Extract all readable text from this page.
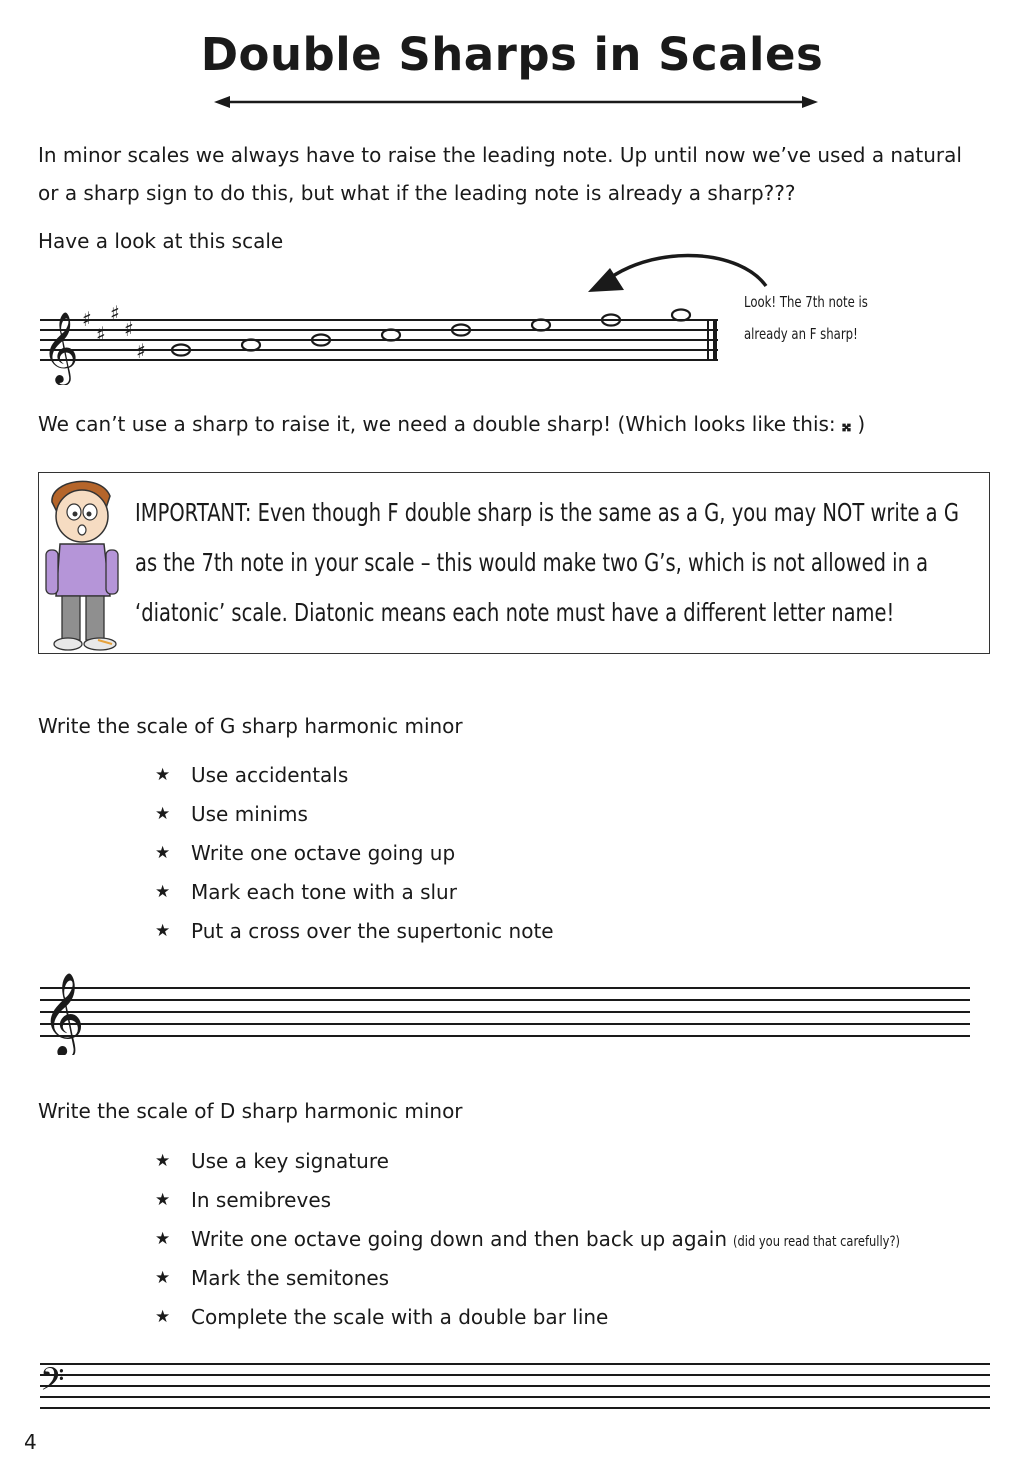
Double Sharps in Scales
In minor scales we always have to raise the leading note. Up until now we’ve used a natural or a sharp sign to do this, but what if the leading note is already a sharp???
Have a look at this scale
𝄞 ♯
♯
♯
♯
♯
Look! The 7th note is
already an F sharp!
We can’t use a sharp to raise it, we need a double sharp! (Which looks like this: 𝄪 )
IMPORTANT: Even though F double sharp is the same as a G, you may NOT write a G as the 7th note in your scale – this would make two G’s, which is not allowed in a ‘diatonic’ scale. Diatonic means each note must have a different letter name!
Write the scale of G sharp harmonic minor
★ Use accidentals
★ Use minims
★ Write one octave going up
★ Mark each tone with a slur
★ Put a cross over the supertonic note
𝄞
Write the scale of D sharp harmonic minor
★ Use a key signature
★ In semibreves
★ Write one octave going down and then back up again (did you read that carefully?)
★ Mark the semitones
★ Complete the scale with a double bar line
𝄢
4
